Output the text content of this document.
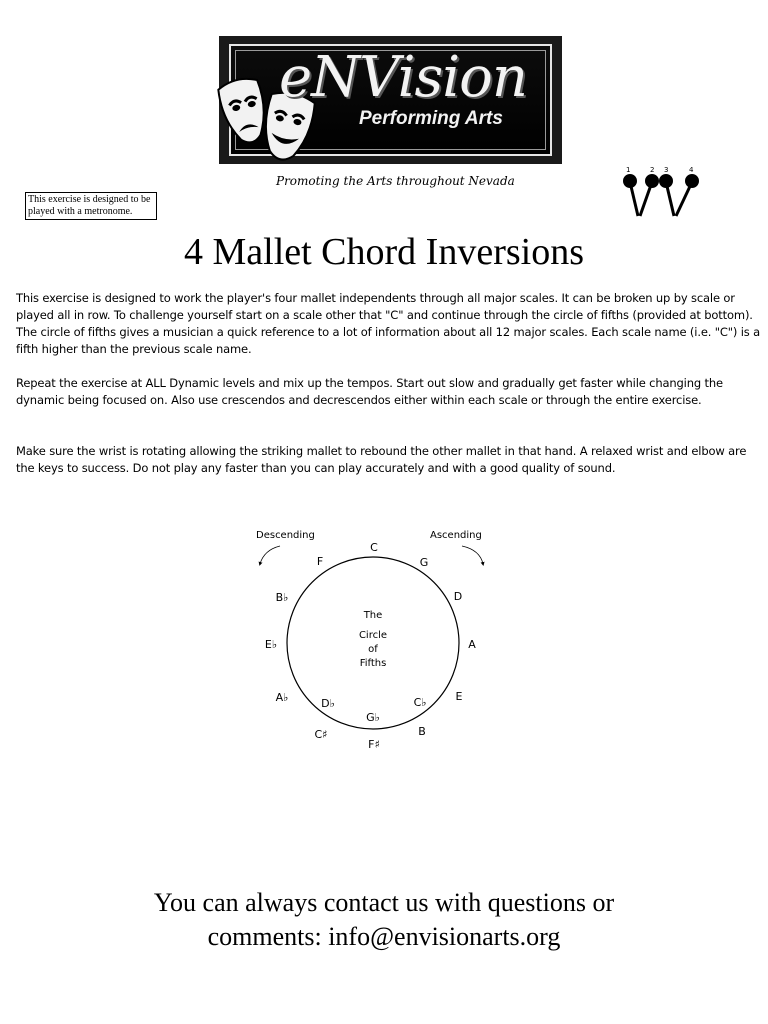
eNVision
Performing Arts
Promoting the Arts throughout Nevada
This exercise is designed to be played with a metronome.
1	2 3	4
4 Mallet Chord Inversions
This exercise is designed to work the player's four mallet independents through all major scales. It can be broken up by scale or played all in row. To challenge yourself start on a scale other that "C" and continue through the circle of fifths (provided at bottom). The circle of fifths gives a musician a quick reference to a lot of information about all 12 major scales. Each scale name (i.e. "C") is a fifth higher than the previous scale name.
Repeat the exercise at ALL Dynamic levels and mix up the tempos. Start out slow and gradually get faster while changing the dynamic being focused on. Also use crescendos and decrescendos either within each scale or through the entire exercise.
Make sure the wrist is rotating allowing the striking mallet to rebound the other mallet in that hand. A relaxed wrist and elbow are the keys to success. Do not play any faster than you can play accurately and with a good quality of sound.
Descending	Ascending
The
Circle
of
Fifths
C
G
D
A
E
B
F♯
C♯
A♭
E♭
B♭
F
C♭
G♭
D♭
You can always contact us with questions or
comments: info@envisionarts.org
